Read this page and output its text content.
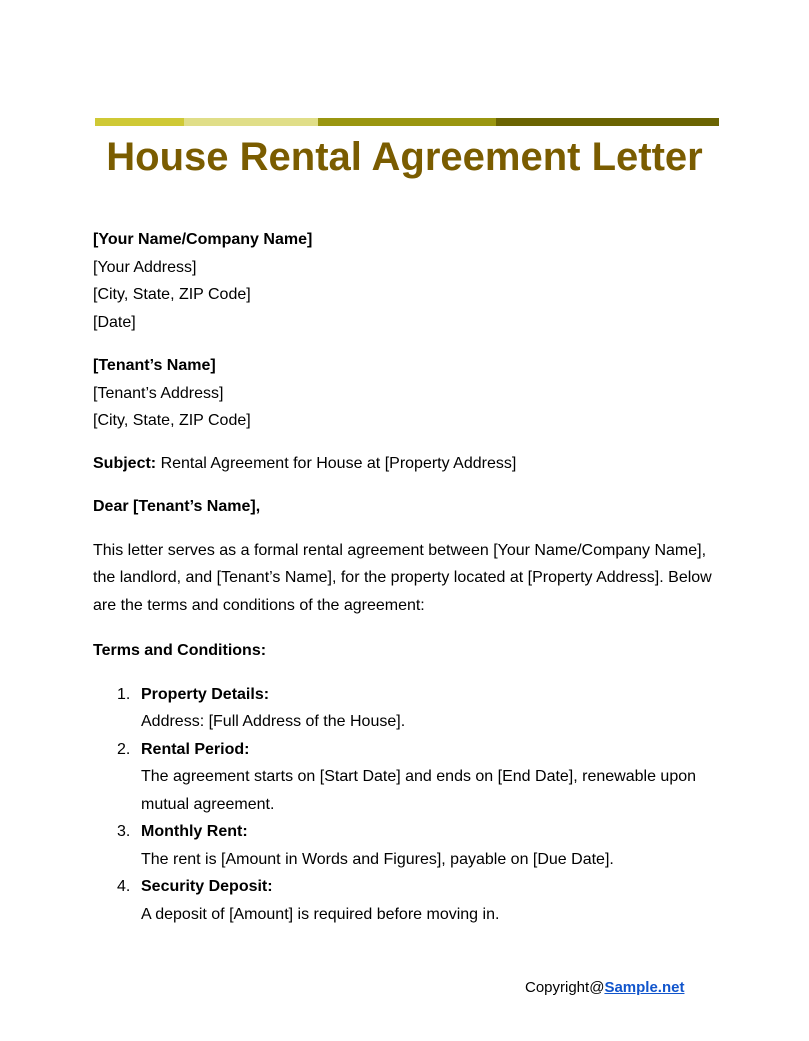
House Rental Agreement Letter

[Your Name/Company Name]

[Your Address]

[City, State, ZIP Code]

[Date]

[Tenant’s Name]

[Tenant’s Address]

[City, State, ZIP Code]

Subject: Rental Agreement for House at [Property Address]

Dear [Tenant’s Name],

This letter serves as a formal rental agreement between [Your Name/Company Name], the landlord, and [Tenant’s Name], for the property located at [Property Address]. Below are the terms and conditions of the agreement:

Terms and Conditions:

1. Property Details:
Address: [Full Address of the House].
2. Rental Period:
The agreement starts on [Start Date] and ends on [End Date], renewable upon mutual agreement.
3. Monthly Rent:
The rent is [Amount in Words and Figures], payable on [Due Date].
4. Security Deposit:
A deposit of [Amount] is required before moving in.
Copyright@Sample.net
